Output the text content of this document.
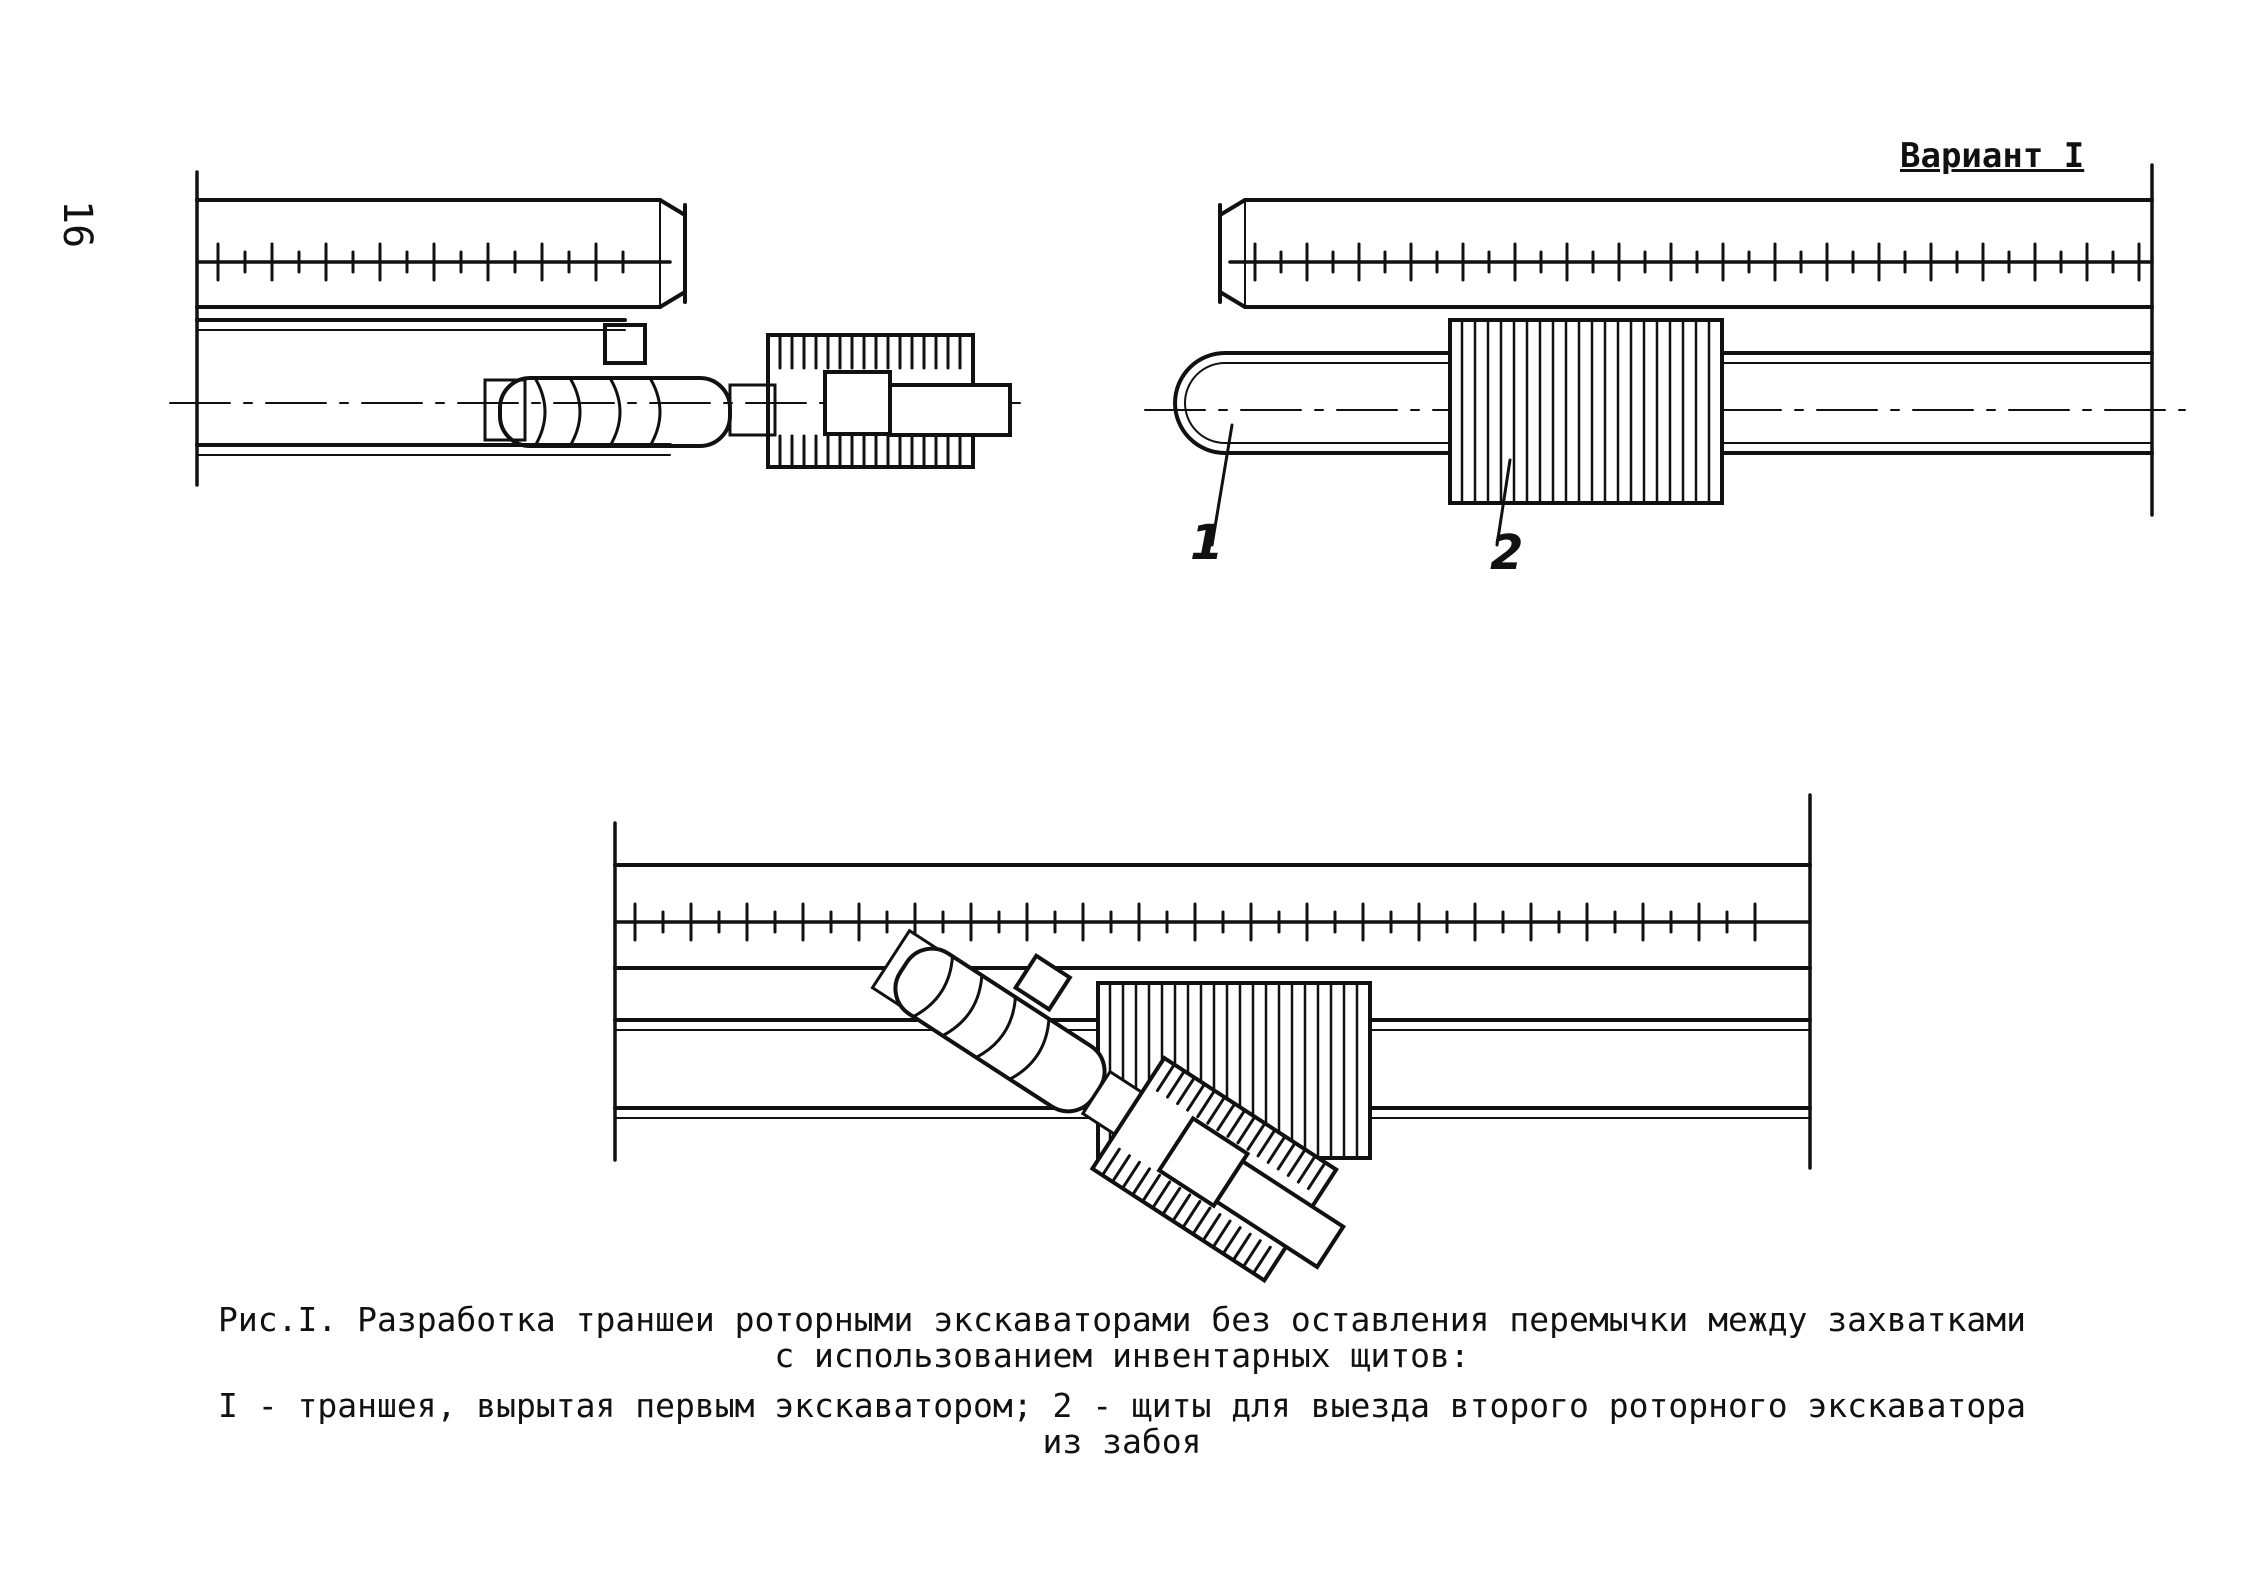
16
Вариант I
1	2
Рис.I. Разработка траншеи роторными экскаваторами без оставления перемычки между захватками
с использованием инвентарных щитов:
I - траншея, вырытая первым экскаватором; 2 - щиты для выезда второго роторного экскаватора
из забоя
